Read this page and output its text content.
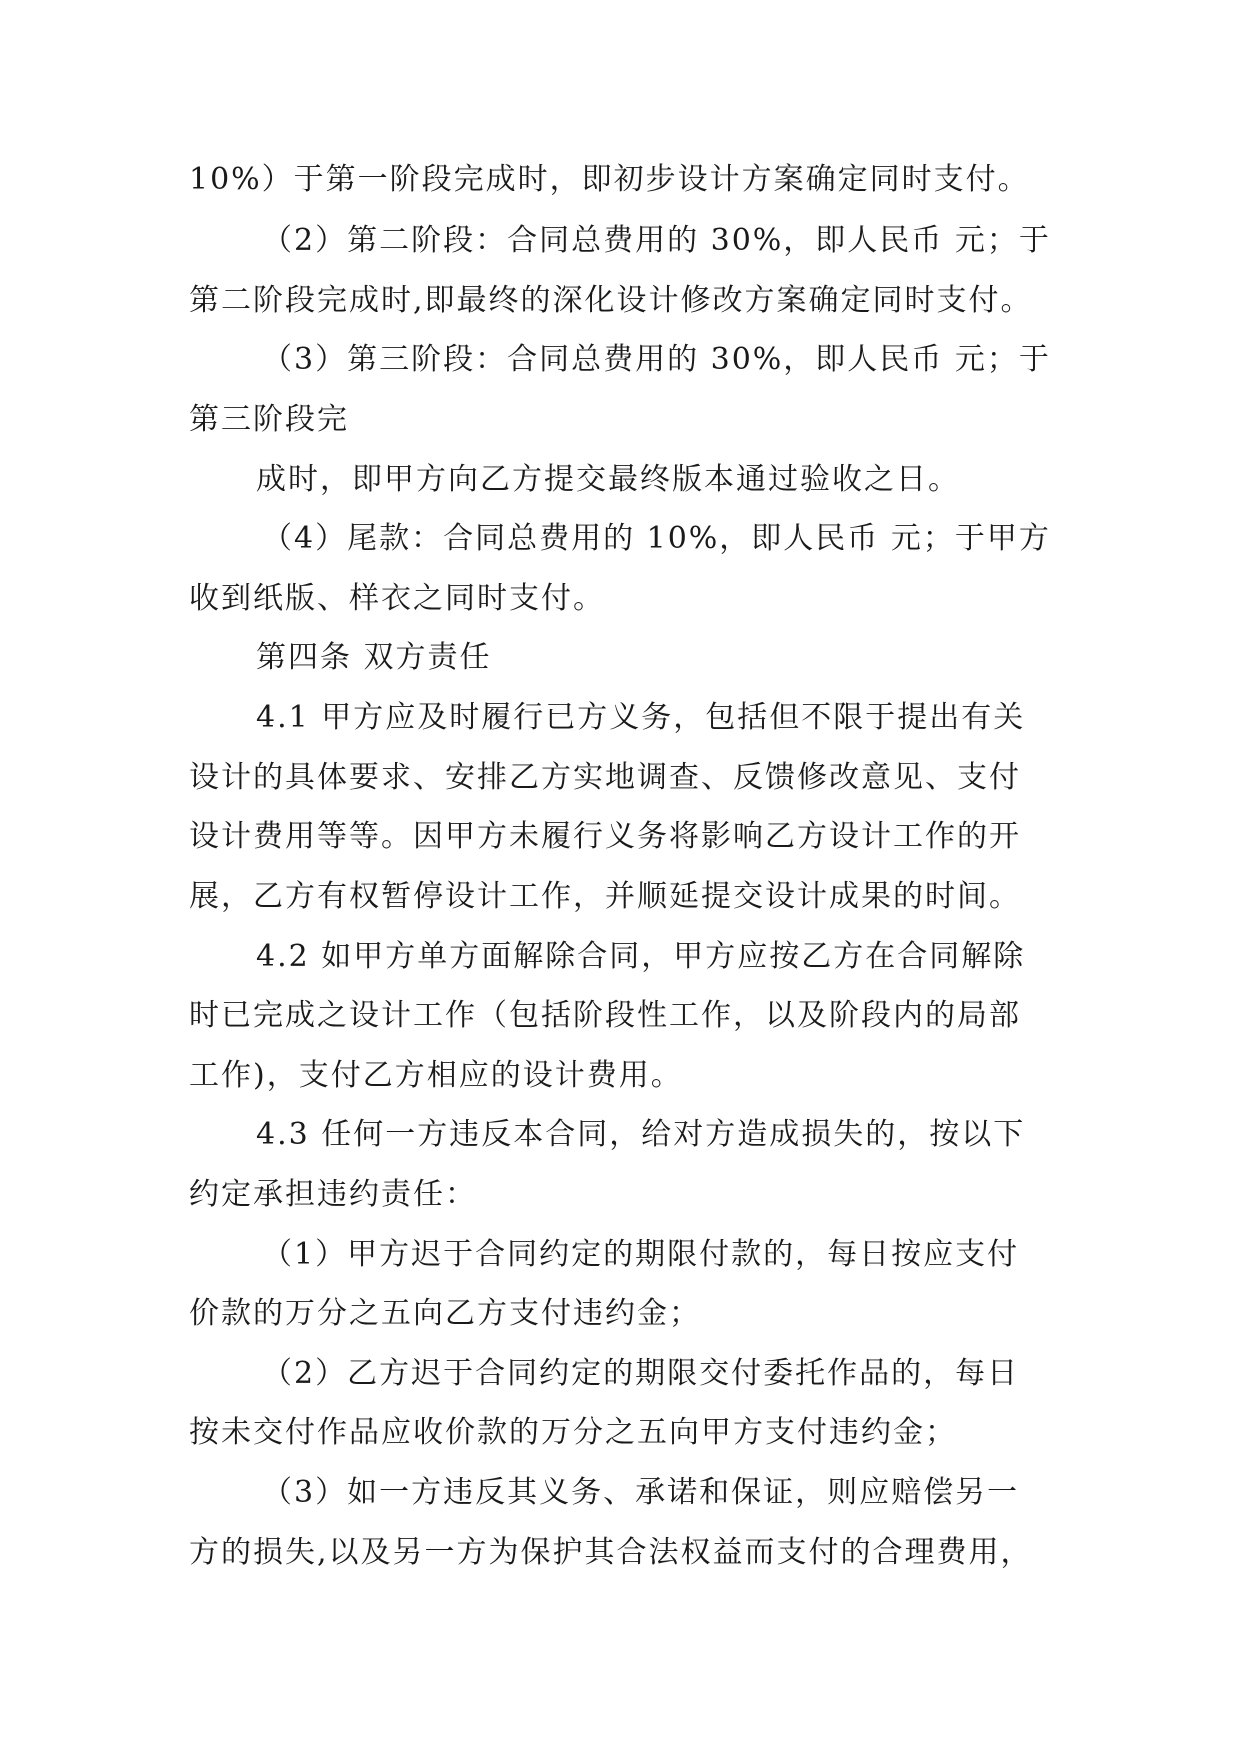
10%）于第一阶段完成时，即初步设计方案确定同时支付。
（2）第二阶段：合同总费用的 30%，即人民币 元；于
第二阶段完成时,即最终的深化设计修改方案确定同时支付。
（3）第三阶段：合同总费用的 30%，即人民币 元；于
第三阶段完
成时，即甲方向乙方提交最终版本通过验收之日。
（4）尾款：合同总费用的 10%，即人民币 元；于甲方
收到纸版、样衣之同时支付。
第四条 双方责任
4.1 甲方应及时履行已方义务，包括但不限于提出有关
设计的具体要求、安排乙方实地调查、反馈修改意见、支付
设计费用等等。因甲方未履行义务将影响乙方设计工作的开
展，乙方有权暂停设计工作，并顺延提交设计成果的时间。
4.2 如甲方单方面解除合同，甲方应按乙方在合同解除
时已完成之设计工作（包括阶段性工作，以及阶段内的局部
工作)，支付乙方相应的设计费用。
4.3 任何一方违反本合同，给对方造成损失的，按以下
约定承担违约责任：
（1）甲方迟于合同约定的期限付款的，每日按应支付
价款的万分之五向乙方支付违约金；
（2）乙方迟于合同约定的期限交付委托作品的，每日
按未交付作品应收价款的万分之五向甲方支付违约金；
（3）如一方违反其义务、承诺和保证，则应赔偿另一
方的损失,以及另一方为保护其合法权益而支付的合理费用，
